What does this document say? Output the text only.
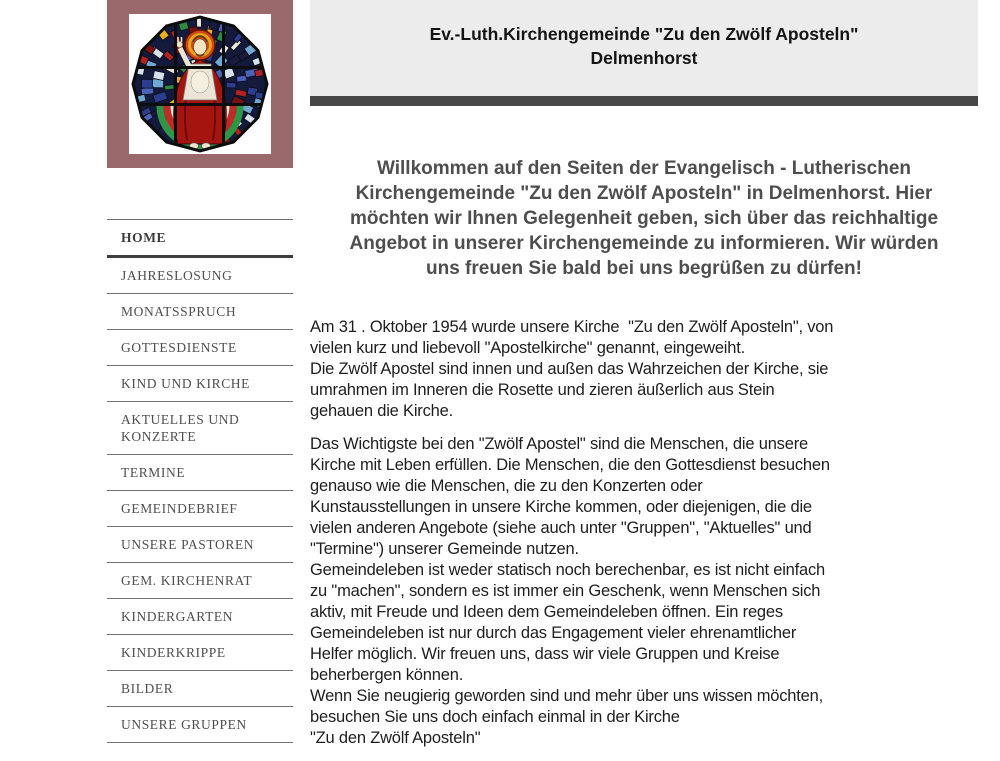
HOME
JAHRESLOSUNG
MONATSSPRUCH
GOTTESDIENSTE
KIND UND KIRCHE
AKTUELLES UND KONZERTE
TERMINE
GEMEINDEBRIEF
UNSERE PASTOREN
GEM. KIRCHENRAT
KINDERGARTEN
KINDERKRIPPE
BILDER
UNSERE GRUPPEN
Ev.-Luth.Kirchengemeinde "Zu den Zwölf Aposteln"
Delmenhorst
Willkommen auf den Seiten der Evangelisch - Lutherischen Kirchengemeinde "Zu den Zwölf Aposteln" in Delmenhorst. Hier möchten wir Ihnen Gelegenheit geben, sich über das reichhaltige Angebot in unserer Kirchengemeinde zu informieren. Wir würden uns freuen Sie bald bei uns begrüßen zu dürfen!

Am 31 . Oktober 1954 wurde unsere Kirche  "Zu den Zwölf Aposteln", von
vielen kurz und liebevoll "Apostelkirche" genannt, eingeweiht.
Die Zwölf Apostel sind innen und außen das Wahrzeichen der Kirche, sie
umrahmen im Inneren die Rosette und zieren äußerlich aus Stein
gehauen die Kirche.

Das Wichtigste bei den "Zwölf Apostel" sind die Menschen, die unsere
Kirche mit Leben erfüllen. Die Menschen, die den Gottesdienst besuchen
genauso wie die Menschen, die zu den Konzerten oder
Kunstausstellungen in unsere Kirche kommen, oder diejenigen, die die
vielen anderen Angebote (siehe auch unter "Gruppen", "Aktuelles" und
"Termine") unserer Gemeinde nutzen.
Gemeindeleben ist weder statisch noch berechenbar, es ist nicht einfach
zu "machen", sondern es ist immer ein Geschenk, wenn Menschen sich
aktiv, mit Freude und Ideen dem Gemeindeleben öffnen. Ein reges
Gemeindeleben ist nur durch das Engagement vieler ehrenamtlicher
Helfer möglich. Wir freuen uns, dass wir viele Gruppen und Kreise
beherbergen können.
Wenn Sie neugierig geworden sind und mehr über uns wissen möchten,
besuchen Sie uns doch einfach einmal in der Kirche
"Zu den Zwölf Aposteln"
